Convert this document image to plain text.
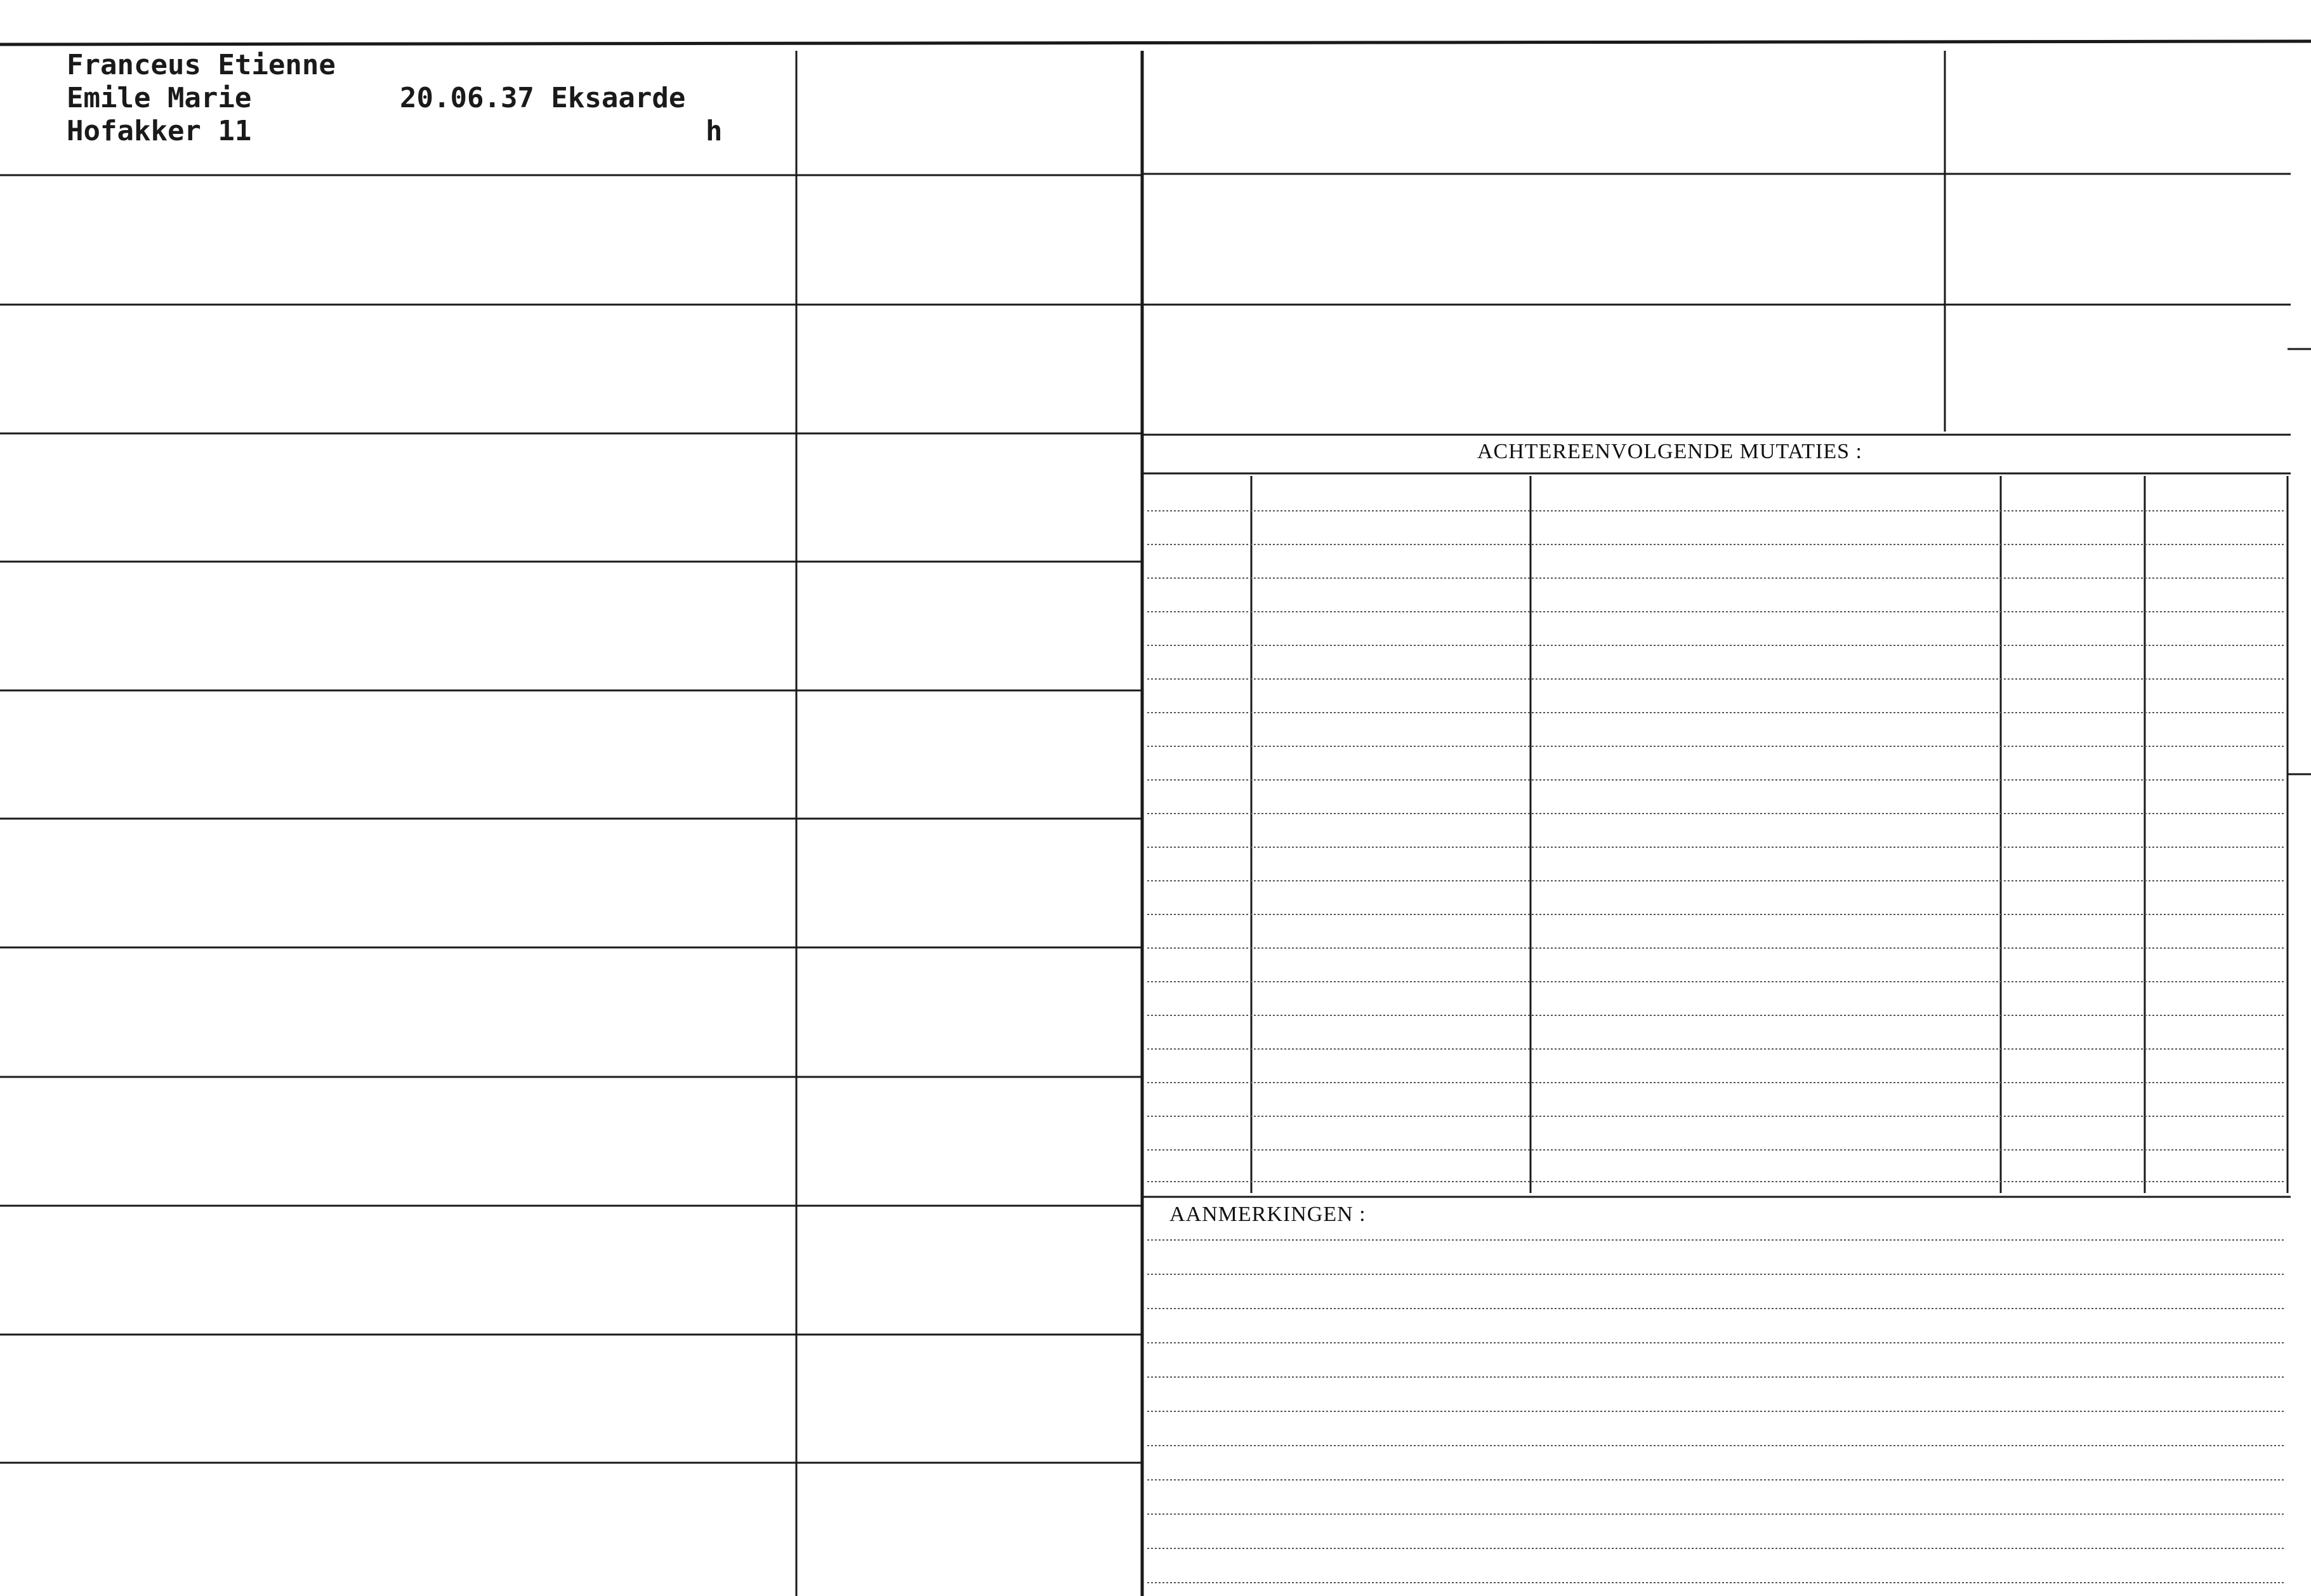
Franceus Etienne
Emile Marie
Hofakker 11
20.06.37 Eksaarde
h
ACHTEREENVOLGENDE MUTATIES :
AANMERKINGEN :
